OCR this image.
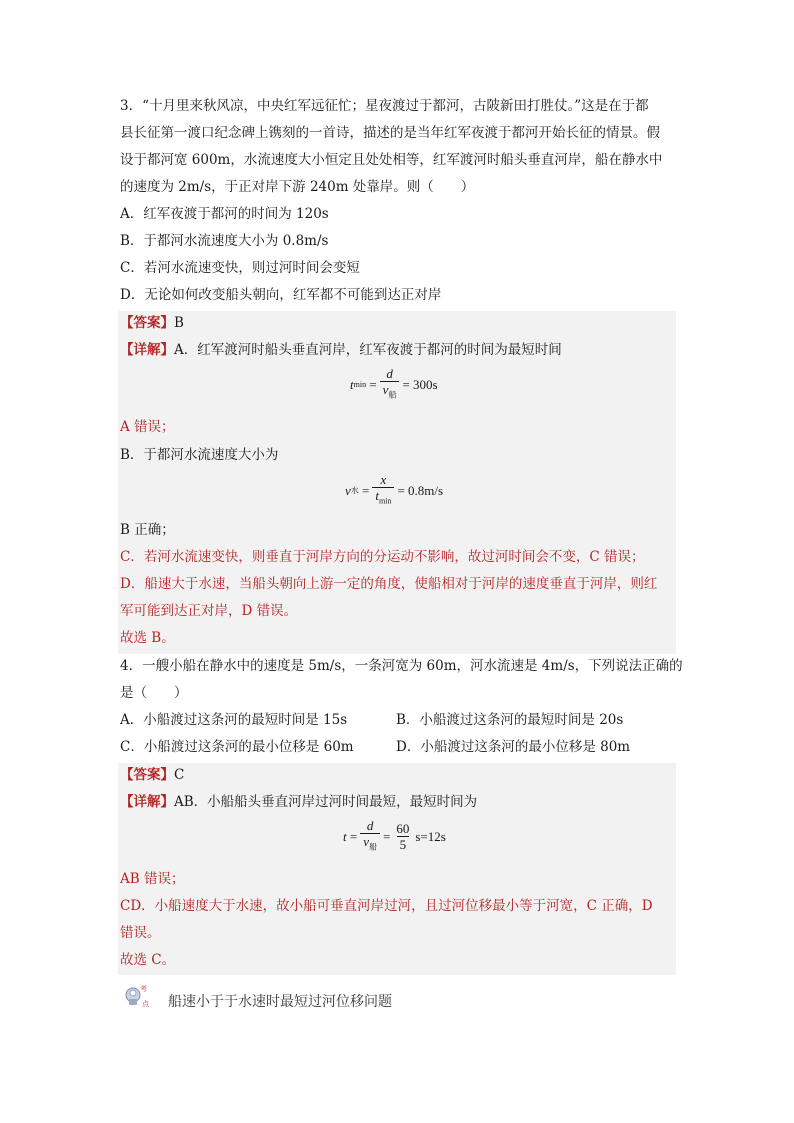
3．“十月里来秋风凉，中央红军远征忙；星夜渡过于都河，古陂新田打胜仗。”这是在于都
县长征第一渡口纪念碑上镌刻的一首诗，描述的是当年红军夜渡于都河开始长征的情景。假
设于都河宽 600m，水流速度大小恒定且处处相等，红军渡河时船头垂直河岸，船在静水中
的速度为 2m/s，于正对岸下游 240m 处靠岸。则（　　）
A．红军夜渡于都河的时间为 120s
B．于都河水流速度大小为 0.8m/s
C．若河水流速变快，则过河时间会变短
D．无论如何改变船头朝向，红军都不可能到达正对岸
【答案】B
【详解】A．红军渡河时船头垂直河岸，红军夜渡于都河的时间为最短时间
t $\min = \frac{d}{v_船} = 300s$
A 错误；
B．于都河水流速度大小为
v 水 = $\frac{x}{t_{min}} = 0.8m/s$
B 正确；
C．若河水流速变快，则垂直于河岸方向的分运动不影响，故过河时间会不变，C 错误；
D．船速大于水速，当船头朝向上游一定的角度，使船相对于河岸的速度垂直于河岸，则红
军可能到达正对岸，D 错误。
故选 B。
4．一艘小船在静水中的速度是 5m/s，一条河宽为 60m，河水流速是 4m/s，下列说法正确的
是（　　）
A．小船渡过这条河的最短时间是 15s	B．小船渡过这条河的最短时间是 20s
C．小船渡过这条河的最小位移是 60m	D．小船渡过这条河的最小位移是 80m
【答案】C
【详解】AB．小船船头垂直河岸过河时间最短，最短时间为
$t = \frac{d}{v_船} = \frac{60}{5} s=12s$
AB 错误；
CD．小船速度大于水速，故小船可垂直河岸过河，且过河位移最小等于河宽，C 正确，D
错误。
故选 C。
考
点 船速小于于水速时最短过河位移问题
